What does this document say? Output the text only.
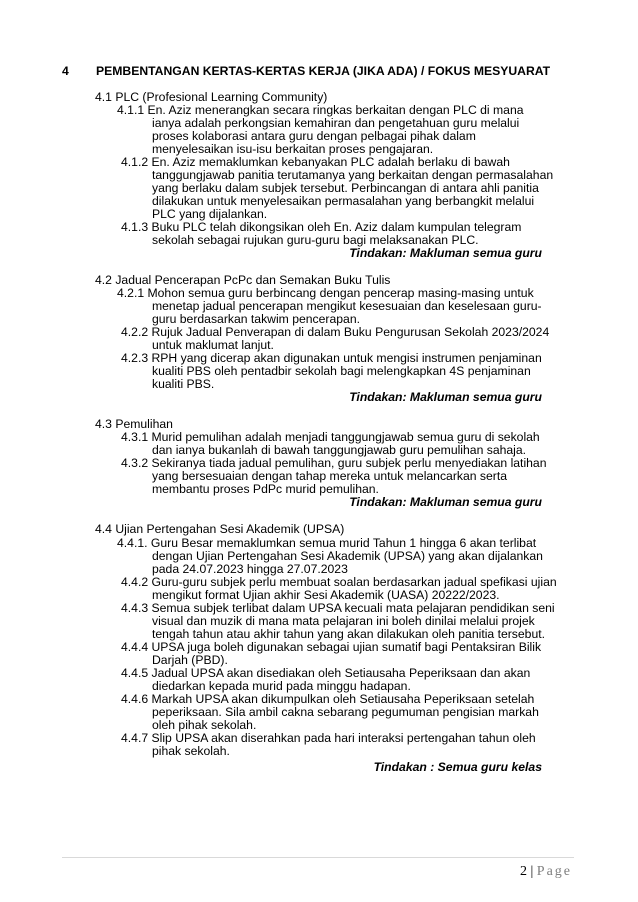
4 PEMBENTANGAN KERTAS-KERTAS KERJA (JIKA ADA) / FOKUS MESYUARAT
4.1 PLC (Profesional Learning Community)
4.1.1 En. Aziz menerangkan secara ringkas berkaitan dengan PLC di mana
ianya adalah perkongsian kemahiran dan pengetahuan guru melalui
proses kolaborasi antara guru dengan pelbagai pihak dalam
menyelesaikan isu-isu berkaitan proses pengajaran.
4.1.2 En. Aziz memaklumkan kebanyakan PLC adalah berlaku di bawah
tanggungjawab panitia terutamanya yang berkaitan dengan permasalahan
yang berlaku dalam subjek tersebut. Perbincangan di antara ahli panitia
dilakukan untuk menyelesaikan permasalahan yang berbangkit melalui
PLC yang dijalankan.
4.1.3 Buku PLC telah dikongsikan oleh En. Aziz dalam kumpulan telegram
sekolah sebagai rujukan guru-guru bagi melaksanakan PLC.
Tindakan: Makluman semua guru
4.2 Jadual Pencerapan PcPc dan Semakan Buku Tulis
4.2.1 Mohon semua guru berbincang dengan pencerap masing-masing untuk
menetap jadual pencerapan mengikut kesesuaian dan keselesaan guru-
guru berdasarkan takwim pencerapan.
4.2.2 Rujuk Jadual Penverapan di dalam Buku Pengurusan Sekolah 2023/2024
untuk maklumat lanjut.
4.2.3 RPH yang dicerap akan digunakan untuk mengisi instrumen penjaminan
kualiti PBS oleh pentadbir sekolah bagi melengkapkan 4S penjaminan
kualiti PBS.
Tindakan: Makluman semua guru
4.3 Pemulihan
4.3.1 Murid pemulihan adalah menjadi tanggungjawab semua guru di sekolah
dan ianya bukanlah di bawah tanggungjawab guru pemulihan sahaja.
4.3.2 Sekiranya tiada jadual pemulihan, guru subjek perlu menyediakan latihan
yang bersesuaian dengan tahap mereka untuk melancarkan serta
membantu proses PdPc murid pemulihan.
Tindakan: Makluman semua guru
4.4 Ujian Pertengahan Sesi Akademik (UPSA)
4.4.1. Guru Besar memaklumkan semua murid Tahun 1 hingga 6 akan terlibat
dengan Ujian Pertengahan Sesi Akademik (UPSA) yang akan dijalankan
pada 24.07.2023 hingga 27.07.2023
4.4.2 Guru-guru subjek perlu membuat soalan berdasarkan jadual spefikasi ujian
mengikut format Ujian akhir Sesi Akademik (UASA) 20222/2023.
4.4.3 Semua subjek terlibat dalam UPSA kecuali mata pelajaran pendidikan seni
visual dan muzik di mana mata pelajaran ini boleh dinilai melalui projek
tengah tahun atau akhir tahun yang akan dilakukan oleh panitia tersebut.
4.4.4 UPSA juga boleh digunakan sebagai ujian sumatif bagi Pentaksiran Bilik
Darjah (PBD).
4.4.5 Jadual UPSA akan disediakan oleh Setiausaha Peperiksaan dan akan
diedarkan kepada murid pada minggu hadapan.
4.4.6 Markah UPSA akan dikumpulkan oleh Setiausaha Peperiksaan setelah
peperiksaan. Sila ambil cakna sebarang pegumuman pengisian markah
oleh pihak sekolah.
4.4.7 Slip UPSA akan diserahkan pada hari interaksi pertengahan tahun oleh
pihak sekolah.
Tindakan : Semua guru kelas
2 | Page
